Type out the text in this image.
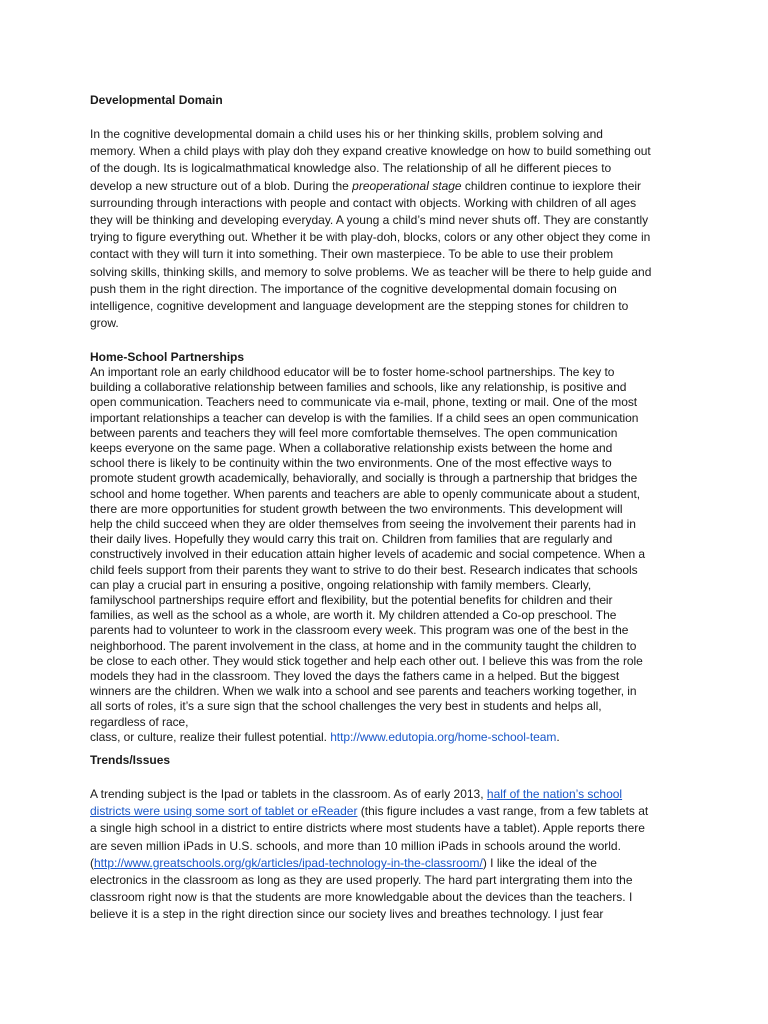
Developmental Domain

In the cognitive developmental domain a child uses his or her thinking skills, problem solving and
memory. When a child plays with play doh they expand creative knowledge on how to build something out
of the dough. Its is logicalmathmatical knowledge also. The relationship of all he different pieces to
develop a new structure out of a blob. During the preoperational stage children continue to iexplore their
surrounding through interactions with people and contact with objects. Working with children of all ages
they will be thinking and developing everyday. A young a child’s mind never shuts off. They are constantly
trying to figure everything out. Whether it be with play-doh, blocks, colors or any other object they come in
contact with they will turn it into something. Their own masterpiece. To be able to use their problem
solving skills, thinking skills, and memory to solve problems. We as teacher will be there to help guide and
push them in the right direction. The importance of the cognitive developmental domain focusing on
intelligence, cognitive development and language development are the stepping stones for children to
grow.

Home-School Partnerships

An important role an early childhood educator will be to foster home-school partnerships. The key to
building a collaborative relationship between families and schools, like any relationship, is positive and
open communication. Teachers need to communicate via e-mail, phone, texting or mail. One of the most
important relationships a teacher can develop is with the families. If a child sees an open communication
between parents and teachers they will feel more comfortable themselves. The open communication
keeps everyone on the same page. When a collaborative relationship exists between the home and
school there is likely to be continuity within the two environments. One of the most effective ways to
promote student growth academically, behaviorally, and socially is through a partnership that bridges the
school and home together. When parents and teachers are able to openly communicate about a student,
there are more opportunities for student growth between the two environments. This development will
help the child succeed when they are older themselves from seeing the involvement their parents had in
their daily lives. Hopefully they would carry this trait on. Children from families that are regularly and
constructively involved in their education attain higher levels of academic and social competence. When a
child feels support from their parents they want to strive to do their best. Research indicates that schools
can play a crucial part in ensuring a positive, ongoing relationship with family members. Clearly,
familyschool partnerships require effort and flexibility, but the potential benefits for children and their
families, as well as the school as a whole, are worth it. My children attended a Co-op preschool. The
parents had to volunteer to work in the classroom every week. This program was one of the best in the
neighborhood. The parent involvement in the class, at home and in the community taught the children to
be close to each other. They would stick together and help each other out. I believe this was from the role
models they had in the classroom. They loved the days the fathers came in a helped. But the biggest
winners are the children. When we walk into a school and see parents and teachers working together, in
all sorts of roles, it’s a sure sign that the school challenges the very best in students and helps all,
regardless of race,
class, or culture, realize their fullest potential. http://www.edutopia.org/home-school-team.

Trends/Issues

A trending subject is the Ipad or tablets in the classroom. As of early 2013, half of the nation’s school
districts were using some sort of tablet or eReader (this figure includes a vast range, from a few tablets at
a single high school in a district to entire districts where most students have a tablet). Apple reports there
are seven million iPads in U.S. schools, and more than 10 million iPads in schools around the world.
(http://www.greatschools.org/gk/articles/ipad-technology-in-the-classroom/) I like the ideal of the
electronics in the classroom as long as they are used properly. The hard part intergrating them into the
classroom right now is that the students are more knowledgable about the devices than the teachers. I
believe it is a step in the right direction since our society lives and breathes technology. I just fear
